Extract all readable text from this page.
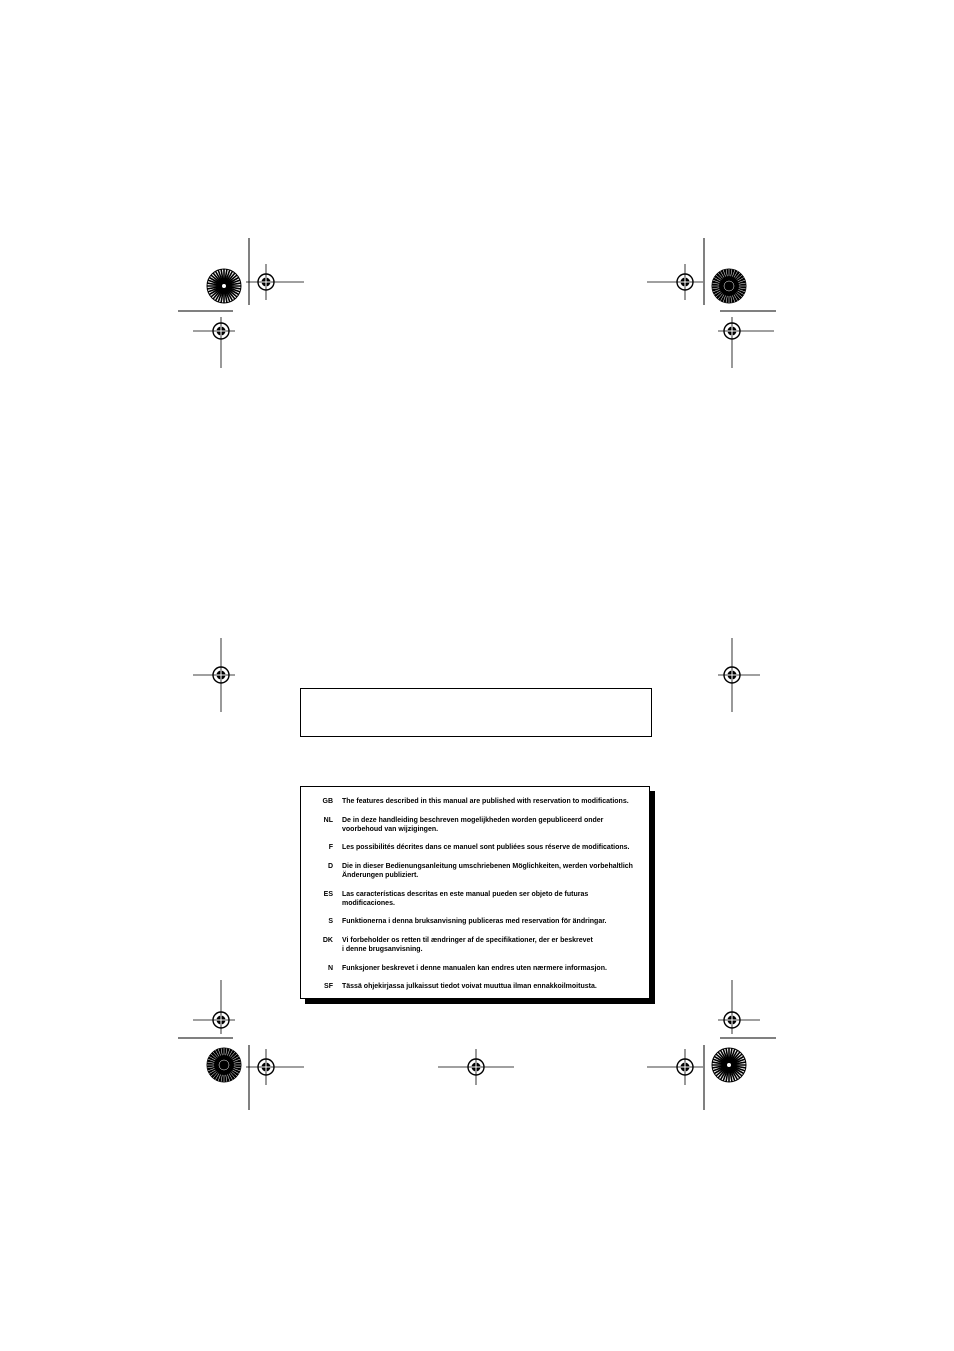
GB The features described in this manual are published with reservation to modifications.
NL De in deze handleiding beschreven mogelijkheden worden gepubliceerd onder
voorbehoud van wijzigingen.
F Les possibilités décrites dans ce manuel sont publiées sous réserve de modifications.
D Die in dieser Bedienungsanleitung umschriebenen Möglichkeiten, werden vorbehaltlich
Änderungen publiziert.
ES Las características descritas en este manual pueden ser objeto de futuras modificaciones.
S Funktionerna i denna bruksanvisning publiceras med reservation för ändringar.
DK Vi forbeholder os retten til ændringer af de specifikationer, der er beskrevet
i denne brugsanvisning.
N Funksjoner beskrevet i denne manualen kan endres uten nærmere informasjon.
SF Tässä ohjekirjassa julkaissut tiedot voivat muuttua ilman ennakkoilmoitusta.
